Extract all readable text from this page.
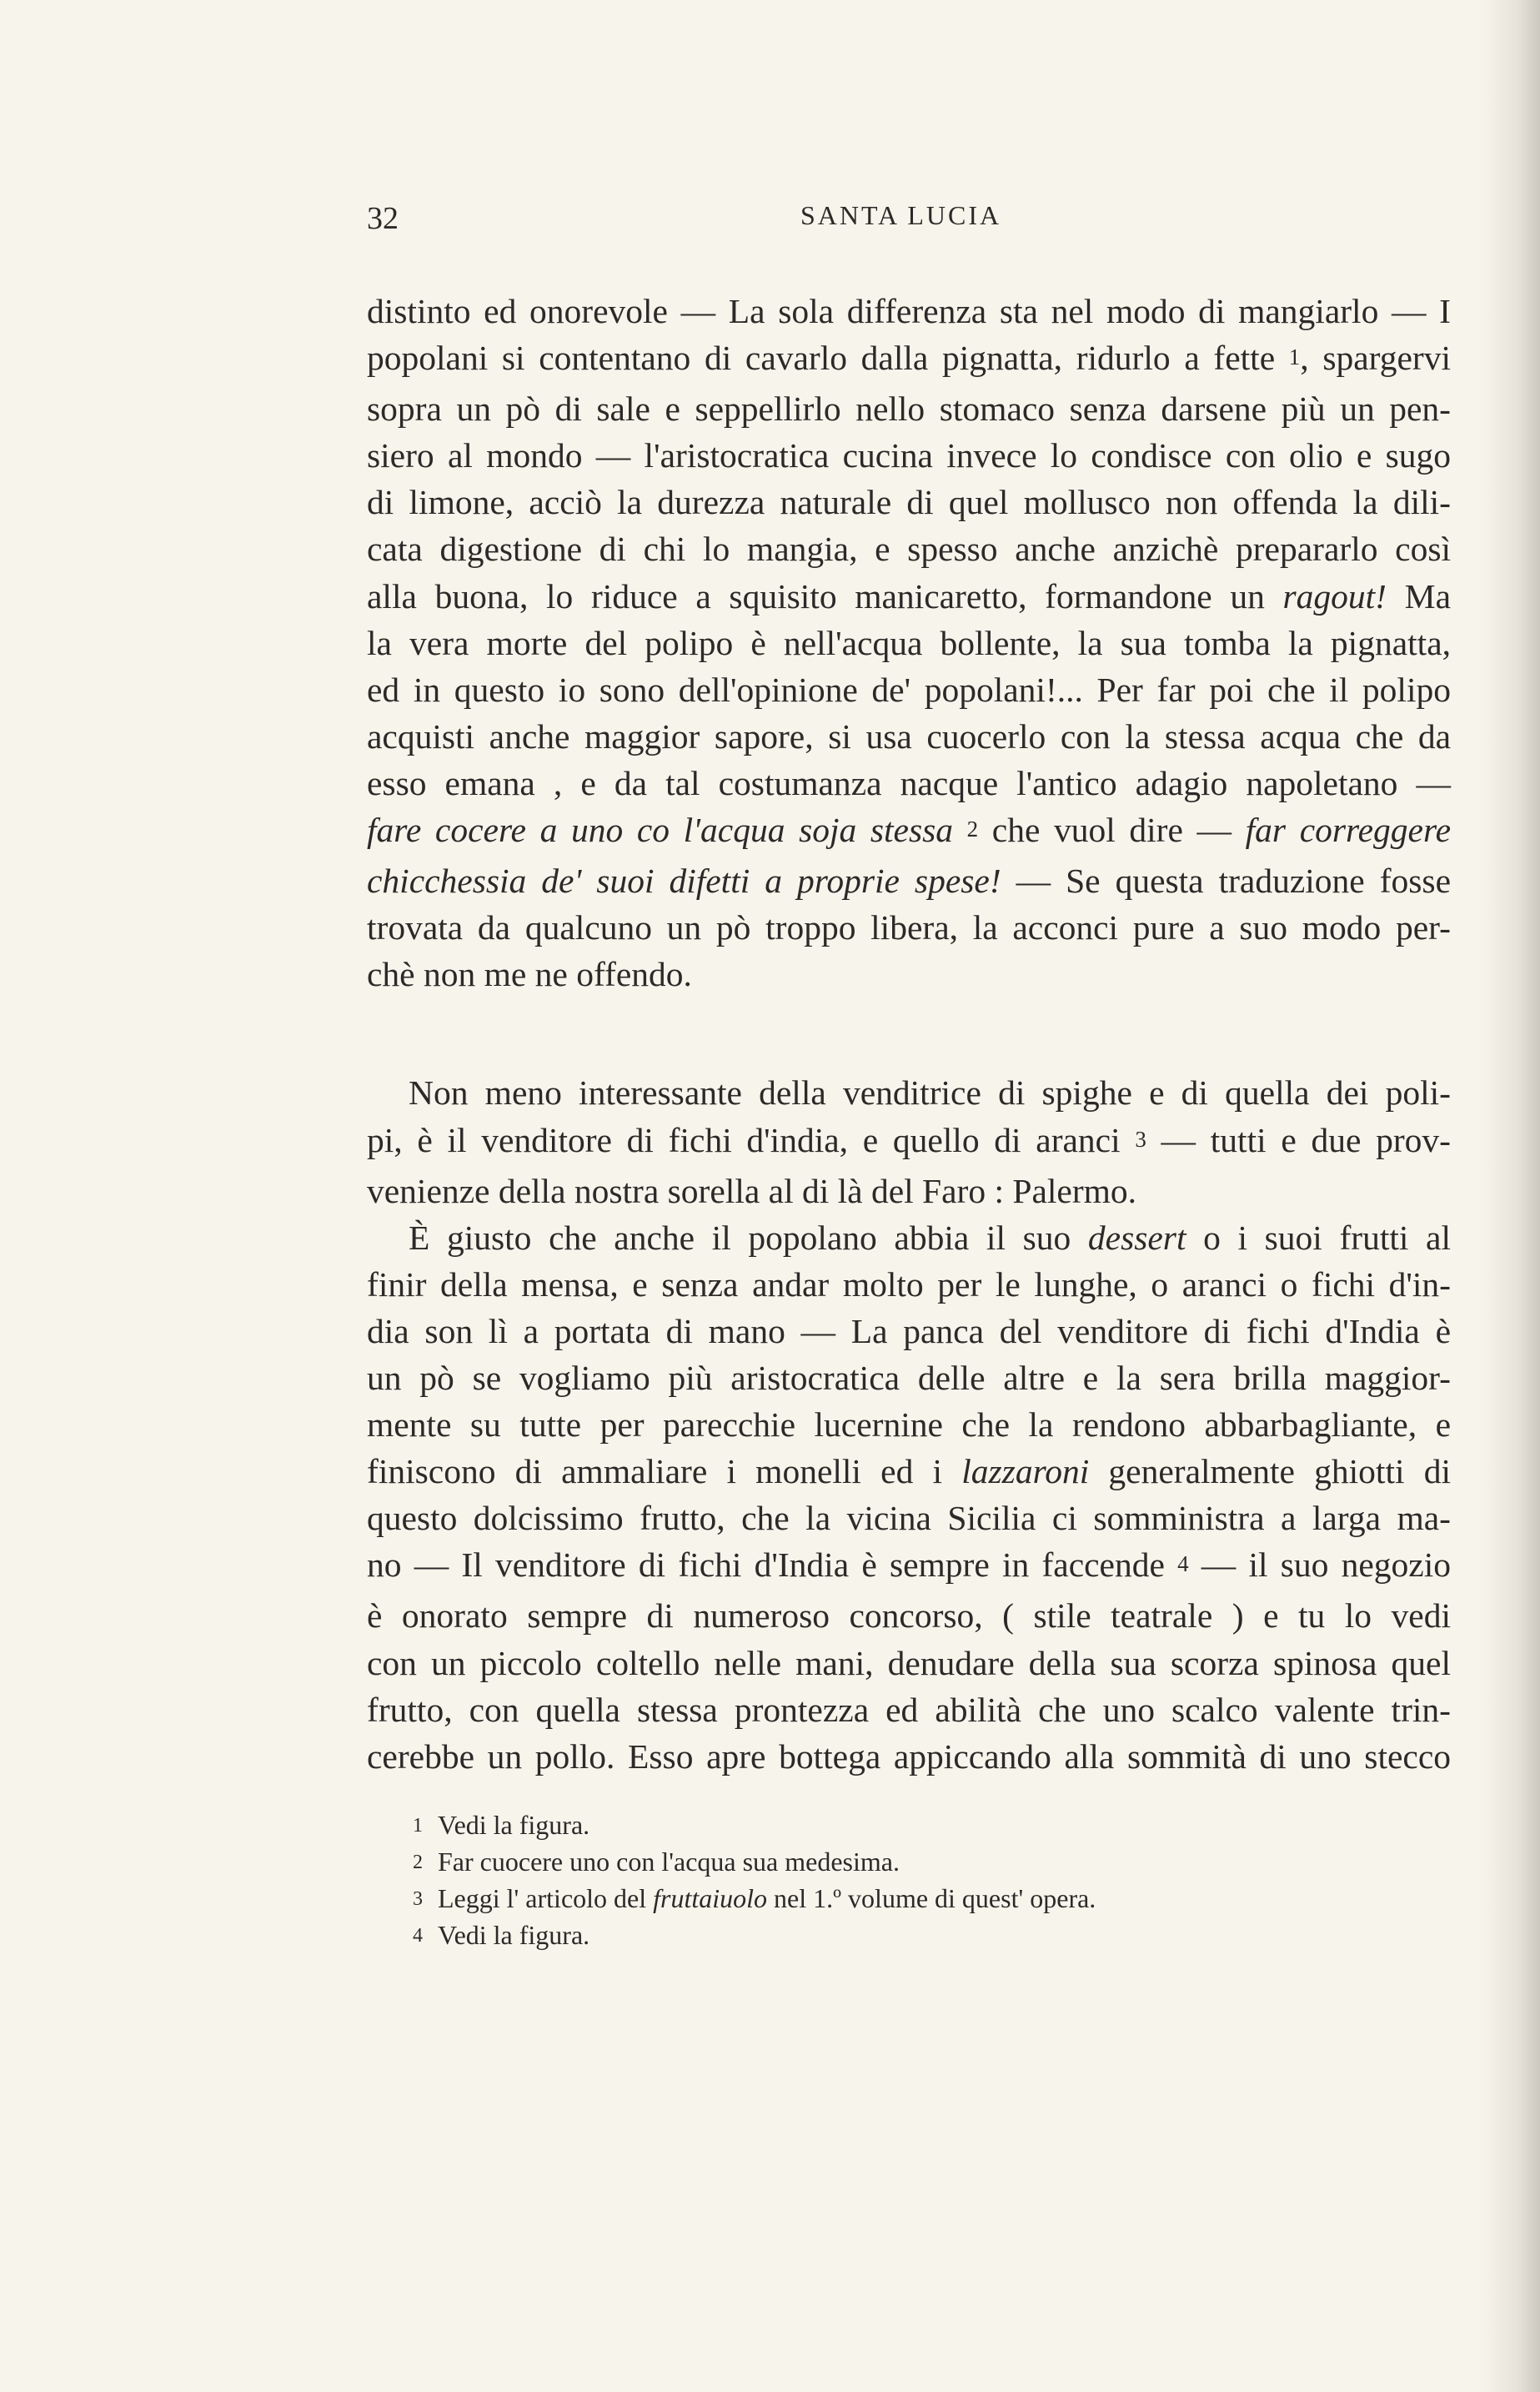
32	SANTA LUCIA

distinto ed onorevole — La sola differenza sta nel modo di mangiarlo — I

popolani si contentano di cavarlo dalla pignatta, ridurlo a fette 1, spargervi

sopra un pò di sale e seppellirlo nello stomaco senza darsene più un pen-

siero al mondo — l'aristocratica cucina invece lo condisce con olio e sugo

di limone, acciò la durezza naturale di quel mollusco non offenda la dili-

cata digestione di chi lo mangia, e spesso anche anzichè prepararlo così

alla buona, lo riduce a squisito manicaretto, formandone un ragout! Ma

la vera morte del polipo è nell'acqua bollente, la sua tomba la pignatta,

ed in questo io sono dell'opinione de' popolani!... Per far poi che il polipo

acquisti anche maggior sapore, si usa cuocerlo con la stessa acqua che da

esso emana , e da tal costumanza nacque l'antico adagio napoletano —

fare cocere a uno co l'acqua soja stessa 2 che vuol dire — far correggere

chicchessia de' suoi difetti a proprie spese! — Se questa traduzione fosse

trovata da qualcuno un pò troppo libera, la acconci pure a suo modo per-

chè non me ne offendo.

Non meno interessante della venditrice di spighe e di quella dei poli-

pi, è il venditore di fichi d'india, e quello di aranci 3 — tutti e due prov-

venienze della nostra sorella al di là del Faro : Palermo.

È giusto che anche il popolano abbia il suo dessert o i suoi frutti al

finir della mensa, e senza andar molto per le lunghe, o aranci o fichi d'in-

dia son lì a portata di mano — La panca del venditore di fichi d'India è

un pò se vogliamo più aristocratica delle altre e la sera brilla maggior-

mente su tutte per parecchie lucernine che la rendono abbarbagliante, e

finiscono di ammaliare i monelli ed i lazzaroni generalmente ghiotti di

questo dolcissimo frutto, che la vicina Sicilia ci somministra a larga ma-

no — Il venditore di fichi d'India è sempre in faccende 4 — il suo negozio

è onorato sempre di numeroso concorso, ( stile teatrale ) e tu lo vedi

con un piccolo coltello nelle mani, denudare della sua scorza spinosa quel

frutto, con quella stessa prontezza ed abilità che uno scalco valente trin-

cerebbe un pollo. Esso apre bottega appiccando alla sommità di uno stecco

1 Vedi la figura.

2 Far cuocere uno con l'acqua sua medesima.

3 Leggi l' articolo del fruttaiuolo nel 1.º volume di quest' opera.

4 Vedi la figura.
